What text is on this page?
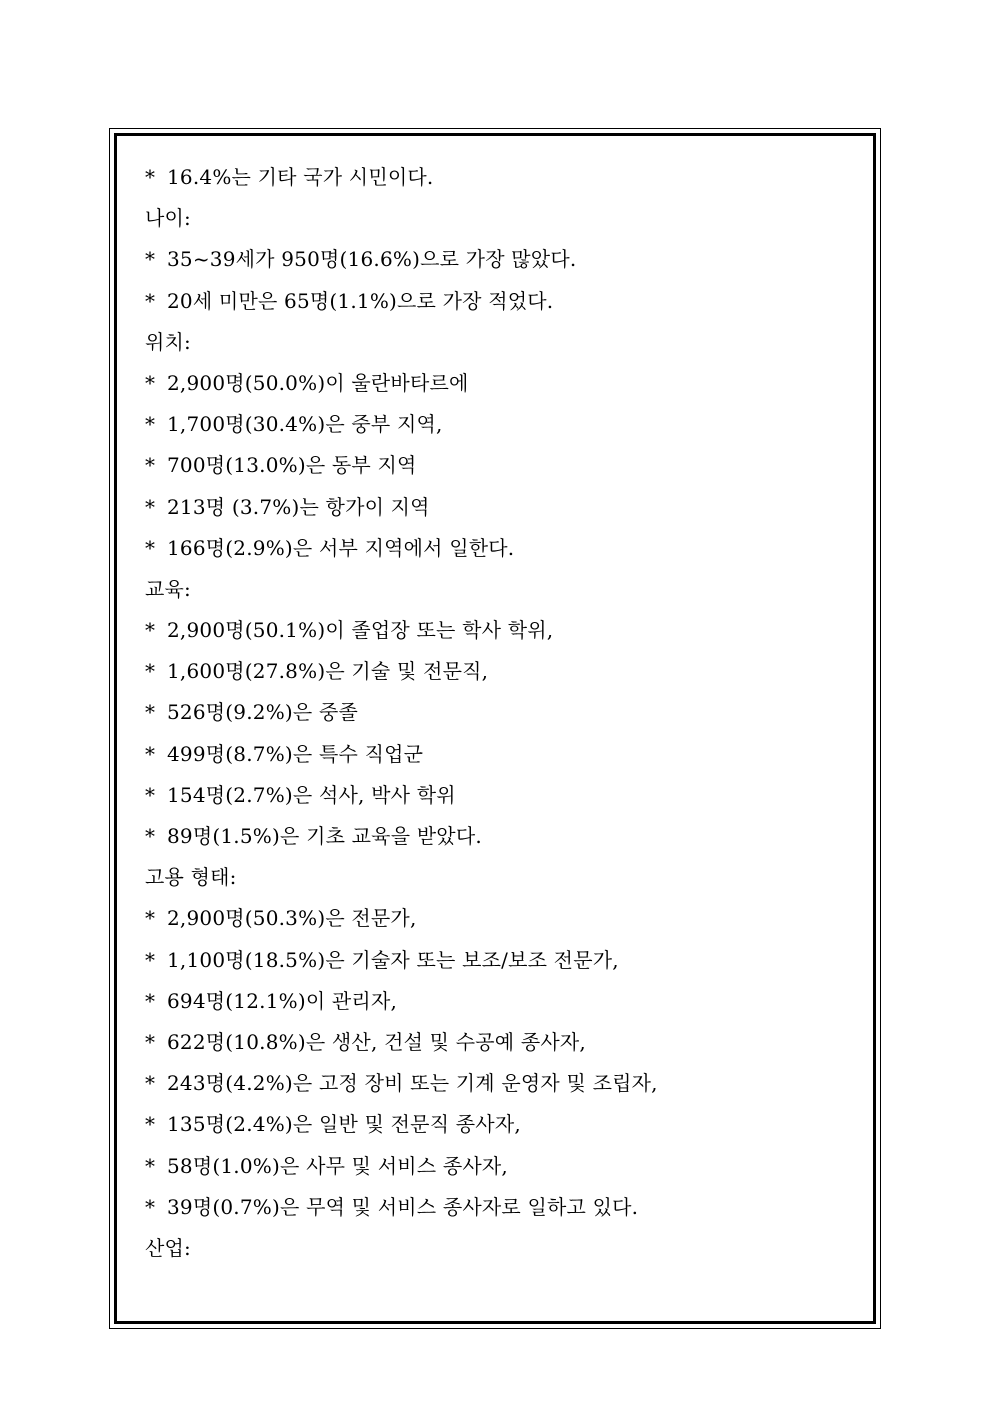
* 16.4%는 기타 국가 시민이다.
나이:
* 35~39세가 950명(16.6%)으로 가장 많았다.
* 20세 미만은 65명(1.1%)으로 가장 적었다.
위치:
* 2,900명(50.0%)이 울란바타르에
* 1,700명(30.4%)은 중부 지역,
* 700명(13.0%)은 동부 지역
* 213명 (3.7%)는 항가이 지역
* 166명(2.9%)은 서부 지역에서 일한다.
교육:
* 2,900명(50.1%)이 졸업장 또는 학사 학위,
* 1,600명(27.8%)은 기술 및 전문직,
* 526명(9.2%)은 중졸
* 499명(8.7%)은 특수 직업군
* 154명(2.7%)은 석사, 박사 학위
* 89명(1.5%)은 기초 교육을 받았다.
고용 형태:
* 2,900명(50.3%)은 전문가,
* 1,100명(18.5%)은 기술자 또는 보조/보조 전문가,
* 694명(12.1%)이 관리자,
* 622명(10.8%)은 생산, 건설 및 수공예 종사자,
* 243명(4.2%)은 고정 장비 또는 기계 운영자 및 조립자,
* 135명(2.4%)은 일반 및 전문직 종사자,
* 58명(1.0%)은 사무 및 서비스 종사자,
* 39명(0.7%)은 무역 및 서비스 종사자로 일하고 있다.
산업:
